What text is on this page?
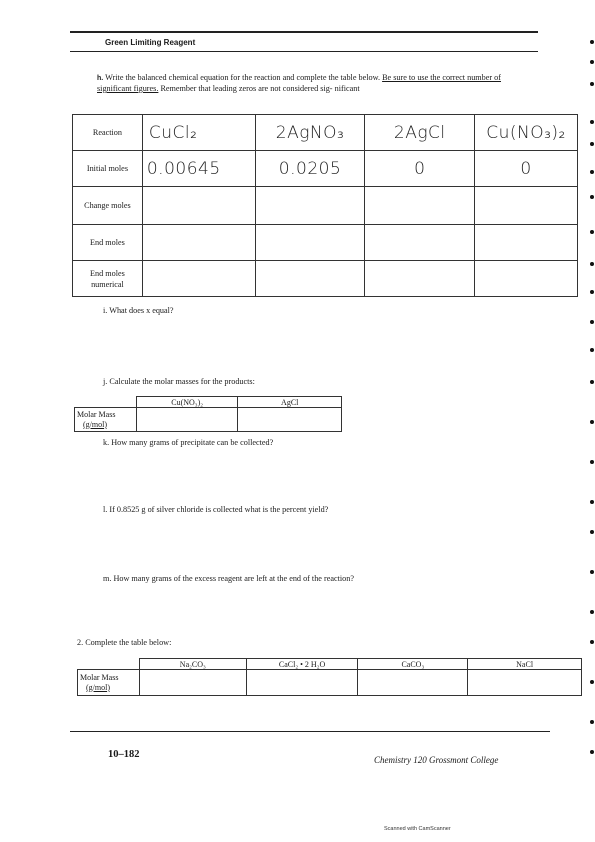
Green Limiting Reagent
h. Write the balanced chemical equation for the reaction and complete the table below. Be sure to use the correct number of significant figures. Remember that leading zeros are not considered sig- nificant
Reaction	CuCl₂	2AgNO₃	2AgCl	Cu(NO₃)₂
Initial moles	0.00645	0.0205	0	0
Change moles				
End moles				
End moles numerical				
i. What does x equal?
j. Calculate the molar masses for the products:
	Cu(NO₃)₂	AgCl

Molar Mass
(g/mol)		

k. How many grams of precipitate can be collected?
l. If 0.8525 g of silver chloride is collected what is the percent yield?
m. How many grams of the excess reagent are left at the end of the reaction?
2. Complete the table below:
	Na₂CO₃	CaCl₂ • 2 H₂O	CaCO₃	NaCl

Molar Mass
(g/mol)				

10–182	Chemistry 120 Grossmont College
Scanned with CamScanner
